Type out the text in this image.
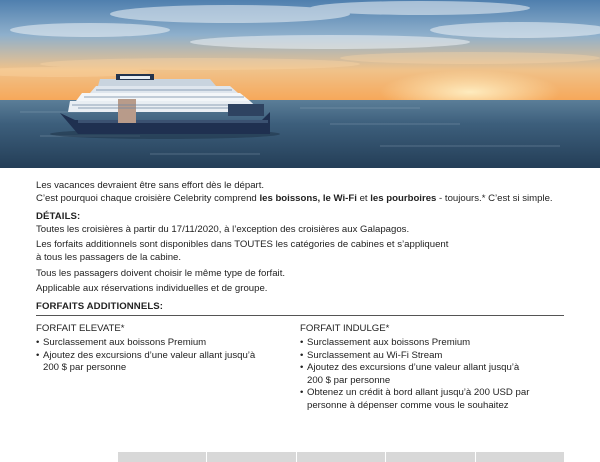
Les vacances devraient être sans effort dès le départ.

C’est pourquoi chaque croisière Celebrity comprend les boissons, le Wi-Fi et les pourboires - toujours.* C’est si simple.

DÉTAILS:

Toutes les croisières à partir du 17/11/2020, à l’exception des croisières aux Galapagos.

Les forfaits additionnels sont disponibles dans TOUTES les catégories de cabines et s’appliquent

à tous les passagers de la cabine.

Tous les passagers doivent choisir le même type de forfait.

Applicable aux réservations individuelles et de groupe.

FORFAITS ADDITIONNELS:

FORFAIT ELEVATE*

• Surclassement aux boissons Premium
• Ajoutez des excursions d’une valeur allant jusqu’à
200 $ par personne

FORFAIT INDULGE*

• Surclassement aux boissons Premium
• Surclassement au Wi-Fi Stream
• Ajoutez des excursions d’une valeur allant jusqu’à
200 $ par personne
• Obtenez un crédit à bord allant jusqu’à 200 USD par
personne à dépenser comme vous le souhaitez
